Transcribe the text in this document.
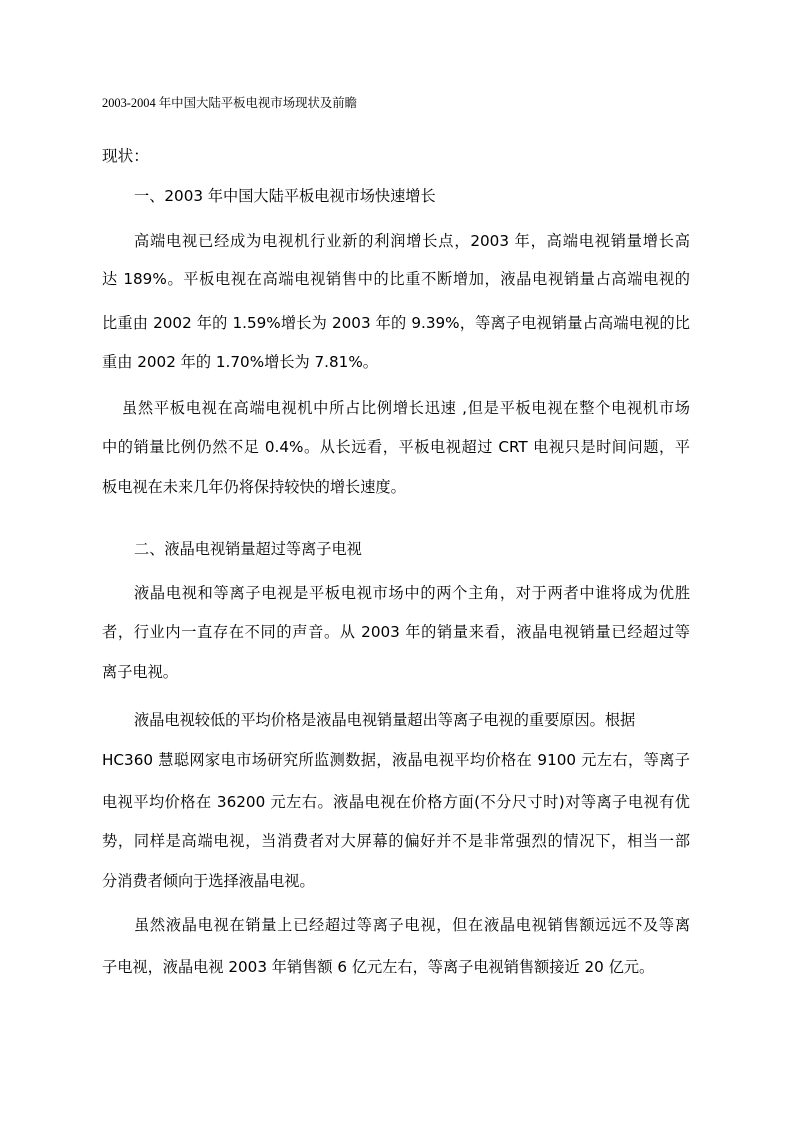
2003-2004 年中国大陆平板电视市场现状及前瞻
现状：
一、2003 年中国大陆平板电视市场快速增长
高端电视已经成为电视机行业新的利润增长点，2003 年，高端电视销量增长高
达 189%。平板电视在高端电视销售中的比重不断增加，液晶电视销量占高端电视的
比重由 2002 年的 1.59%增长为 2003 年的 9.39%，等离子电视销量占高端电视的比
重由 2002 年的 1.70%增长为 7.81%。
虽然平板电视在高端电视机中所占比例增长迅速 ,但是平板电视在整个电视机市场
中的销量比例仍然不足 0.4%。从长远看，平板电视超过 CRT 电视只是时间问题，平
板电视在未来几年仍将保持较快的增长速度。
二、液晶电视销量超过等离子电视
液晶电视和等离子电视是平板电视市场中的两个主角，对于两者中谁将成为优胜
者，行业内一直存在不同的声音。从 2003 年的销量来看，液晶电视销量已经超过等
离子电视。
液晶电视较低的平均价格是液晶电视销量超出等离子电视的重要原因。根据
HC360 慧聪网家电市场研究所监测数据，液晶电视平均价格在 9100 元左右，等离子
电视平均价格在 36200 元左右。液晶电视在价格方面(不分尺寸时)对等离子电视有优
势，同样是高端电视，当消费者对大屏幕的偏好并不是非常强烈的情况下，相当一部
分消费者倾向于选择液晶电视。
虽然液晶电视在销量上已经超过等离子电视，但在液晶电视销售额远远不及等离
子电视，液晶电视 2003 年销售额 6 亿元左右，等离子电视销售额接近 20 亿元。
